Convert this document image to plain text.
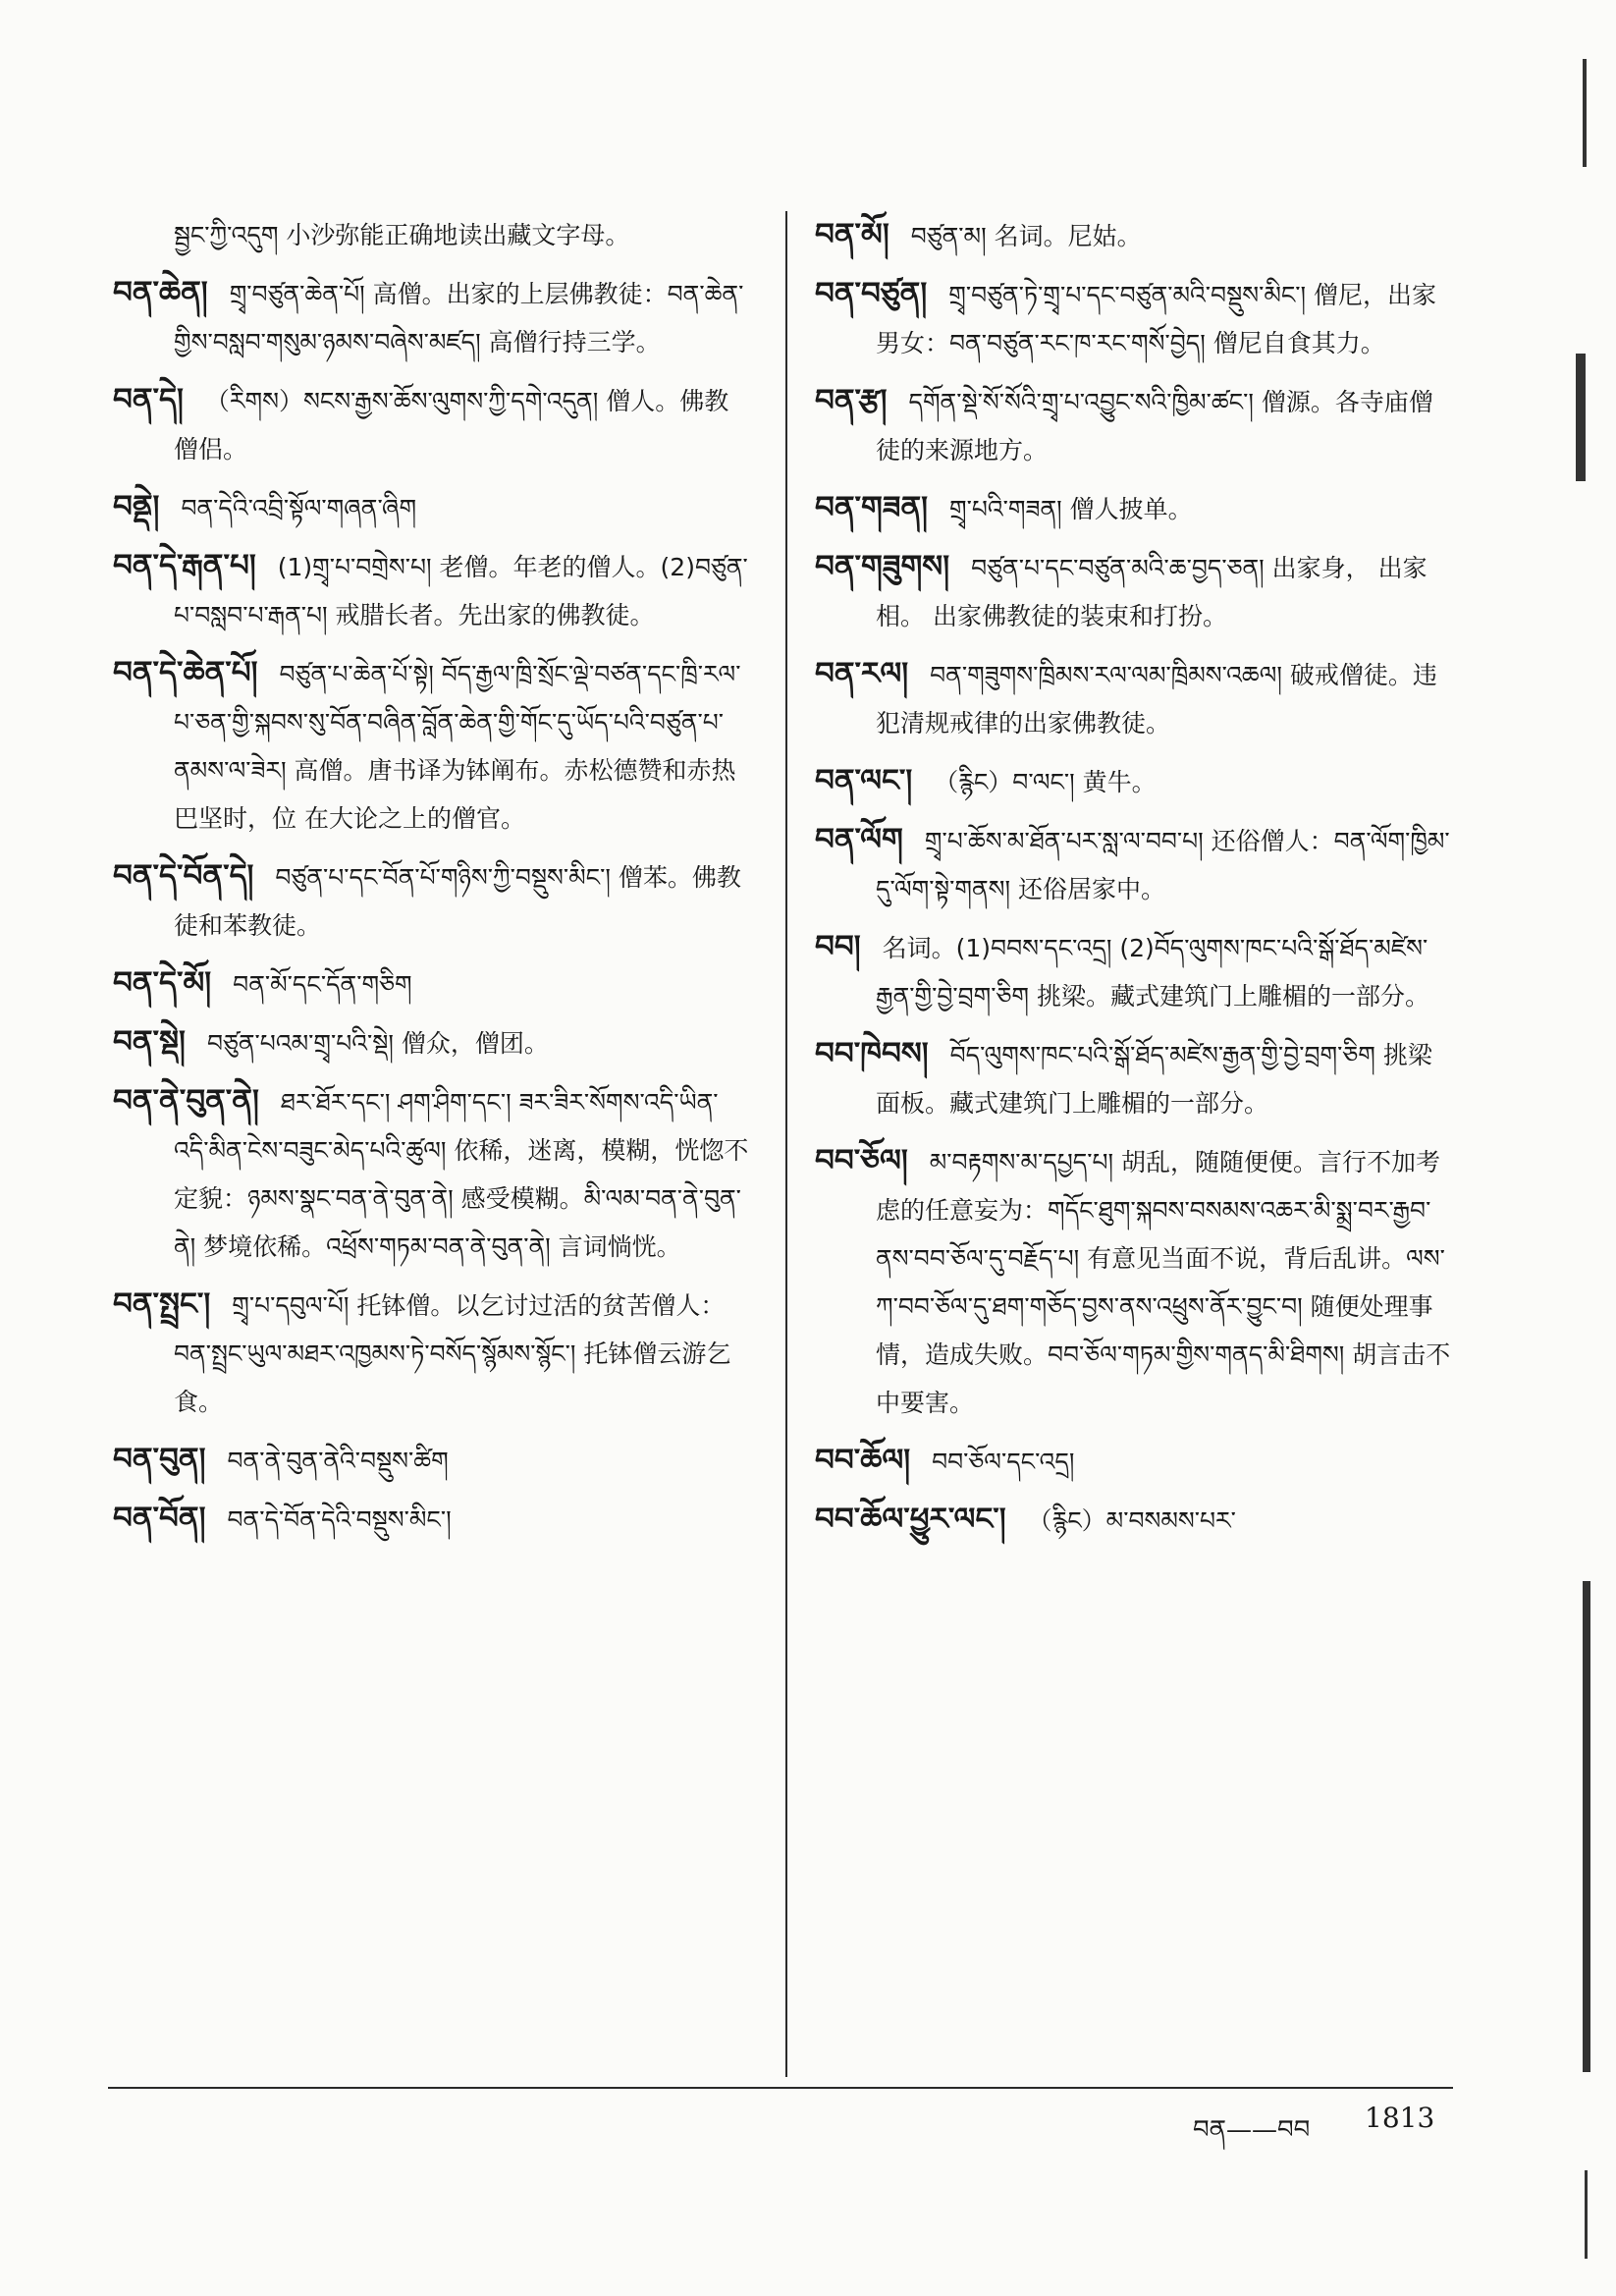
སྦྱང་ཀྱི་འདུག 小沙弥能正确地读出藏文字母。
བན་ཆེན། གྲྭ་བཙུན་ཆེན་པོ། 高僧。出家的上层佛教徒：བན་ཆེན་གྱིས་བསླབ་གསུམ་ཉམས་བཞེས་མཛད། 高僧行持三学。
བན་དེ། （རིགས）སངས་རྒྱས་ཆོས་ལུགས་ཀྱི་དགེ་འདུན། 僧人。佛教僧侣。
བནྡེ། བན་དེའི་འབྲི་སྟོལ་གཞན་ཞིག
བན་དེ་རྒན་པ། (1)གྲྭ་པ་བགྲེས་པ། 老僧。年老的僧人。(2)བཙུན་པ་བསླབ་པ་རྒན་པ། 戒腊长者。先出家的佛教徒。
བན་དེ་ཆེན་པོ། བཙུན་པ་ཆེན་པོ་སྟེ། བོད་རྒྱལ་ཁྲི་སྲོང་ལྡེ་བཙན་དང་ཁྲི་རལ་པ་ཅན་གྱི་སྐབས་སུ་བོན་བཞིན་བློན་ཆེན་གྱི་གོང་དུ་ཡོད་པའི་བཙུན་པ་ནམས་ལ་ཟེར། 高僧。唐书译为钵阐布。赤松德赞和赤热巴坚时，位 在大论之上的僧官。
བན་དེ་བོན་དེ། བཙུན་པ་དང་བོན་པོ་གཉིས་ཀྱི་བསྡུས་མིང་། 僧苯。佛教徒和苯教徒。
བན་དེ་མོ། བན་མོ་དང་དོན་གཅིག
བན་སྡེ། བཙུན་པའམ་གྲྭ་པའི་སྡེ། 僧众，僧团。
བན་ནེ་བུན་ནེ། ཐར་ཐོར་དང་། ཤག་ཤིག་དང་། ཟར་ཟིར་སོགས་འདི་ཡིན་འདི་མིན་ངེས་བཟུང་མེད་པའི་ཚུལ། 依稀，迷离，模糊，恍惚不定貌：ཉམས་སྣང་བན་ནེ་བུན་ནེ། 感受模糊。མི་ལམ་བན་ནེ་བུན་ནེ། 梦境依稀。འཕྲོས་གཏམ་བན་ནེ་བུན་ནེ། 言词惝恍。
བན་སྤྲང་། གྲྭ་པ་དབུལ་པོ། 托钵僧。以乞讨过活的贫苦僧人：བན་སྤྲང་ཡུལ་མཐར་འཁྱམས་ཏེ་བསོད་སྙོམས་སྙོང་། 托钵僧云游乞食。
བན་བུན། བན་ནེ་བུན་ནེའི་བསྡུས་ཚིག
བན་བོན། བན་དེ་བོན་དེའི་བསྡུས་མིང་།
བན་མོ། བཙུན་མ། 名词。尼姑。
བན་བཙུན། གྲྭ་བཙུན་ཏེ་གྲྭ་པ་དང་བཙུན་མའི་བསྡུས་མིང་། 僧尼，出家男女：བན་བཙུན་རང་ཁ་རང་གསོ་བྱེད། 僧尼自食其力。
བན་རྩ། དགོན་སྡེ་སོ་སོའི་གྲྭ་པ་འབྱུང་སའི་ཁྱིམ་ཚང་། 僧源。各寺庙僧徒的来源地方。
བན་གཟན། གྲྭ་པའི་གཟན། 僧人披单。
བན་གཟུགས། བཙུན་པ་དང་བཙུན་མའི་ཆ་བྱད་ཅན། 出家身， 出家相。 出家佛教徒的装束和打扮。
བན་རལ། བན་གཟུགས་ཁྲིམས་རལ་ལམ་ཁྲིམས་འཆལ། 破戒僧徒。违犯清规戒律的出家佛教徒。
བན་ལང་། （རྙིང）བ་ལང་། 黄牛。
བན་ལོག གྲྭ་པ་ཆོས་མ་ཐོན་པར་སླ་ལ་བབ་པ། 还俗僧人：བན་ལོག་ཁྱིམ་དུ་ལོག་སྟེ་གནས། 还俗居家中。
བབ། 名词。(1)བབས་དང་འདྲ། (2)བོད་ལུགས་ཁང་པའི་སྒོ་ཐོད་མཛེས་རྒྱན་གྱི་བྱེ་བྲག་ཅིག 挑梁。藏式建筑门上雕楣的一部分。
བབ་ཁེབས། བོད་ལུགས་ཁང་པའི་སྒོ་ཐོད་མཛེས་རྒྱན་གྱི་བྱེ་བྲག་ཅིག 挑梁面板。藏式建筑门上雕楣的一部分。
བབ་ཅོལ། མ་བརྟགས་མ་དཔྱད་པ། 胡乱，随随便便。言行不加考虑的任意妄为：གདོང་ཐུག་སྐབས་བསམས་འཆར་མི་སྨྲ་བར་རྒྱབ་ནས་བབ་ཅོལ་དུ་བརྗོད་པ། 有意见当面不说，背后乱讲。ལས་ཀ་བབ་ཅོལ་དུ་ཐག་གཅོད་བྱས་ནས་འཕྲུས་ནོར་བྱུང་བ། 随便处理事情，造成失败。བབ་ཅོལ་གཏམ་གྱིས་གནད་མི་ཐིགས། 胡言击不中要害。
བབ་ཆོལ། བབ་ཅོལ་དང་འདྲ།
བབ་ཆོལ་ཕྱུར་ལང་། （རྙིང）མ་བསམས་པར་
བན——བབ 1813
